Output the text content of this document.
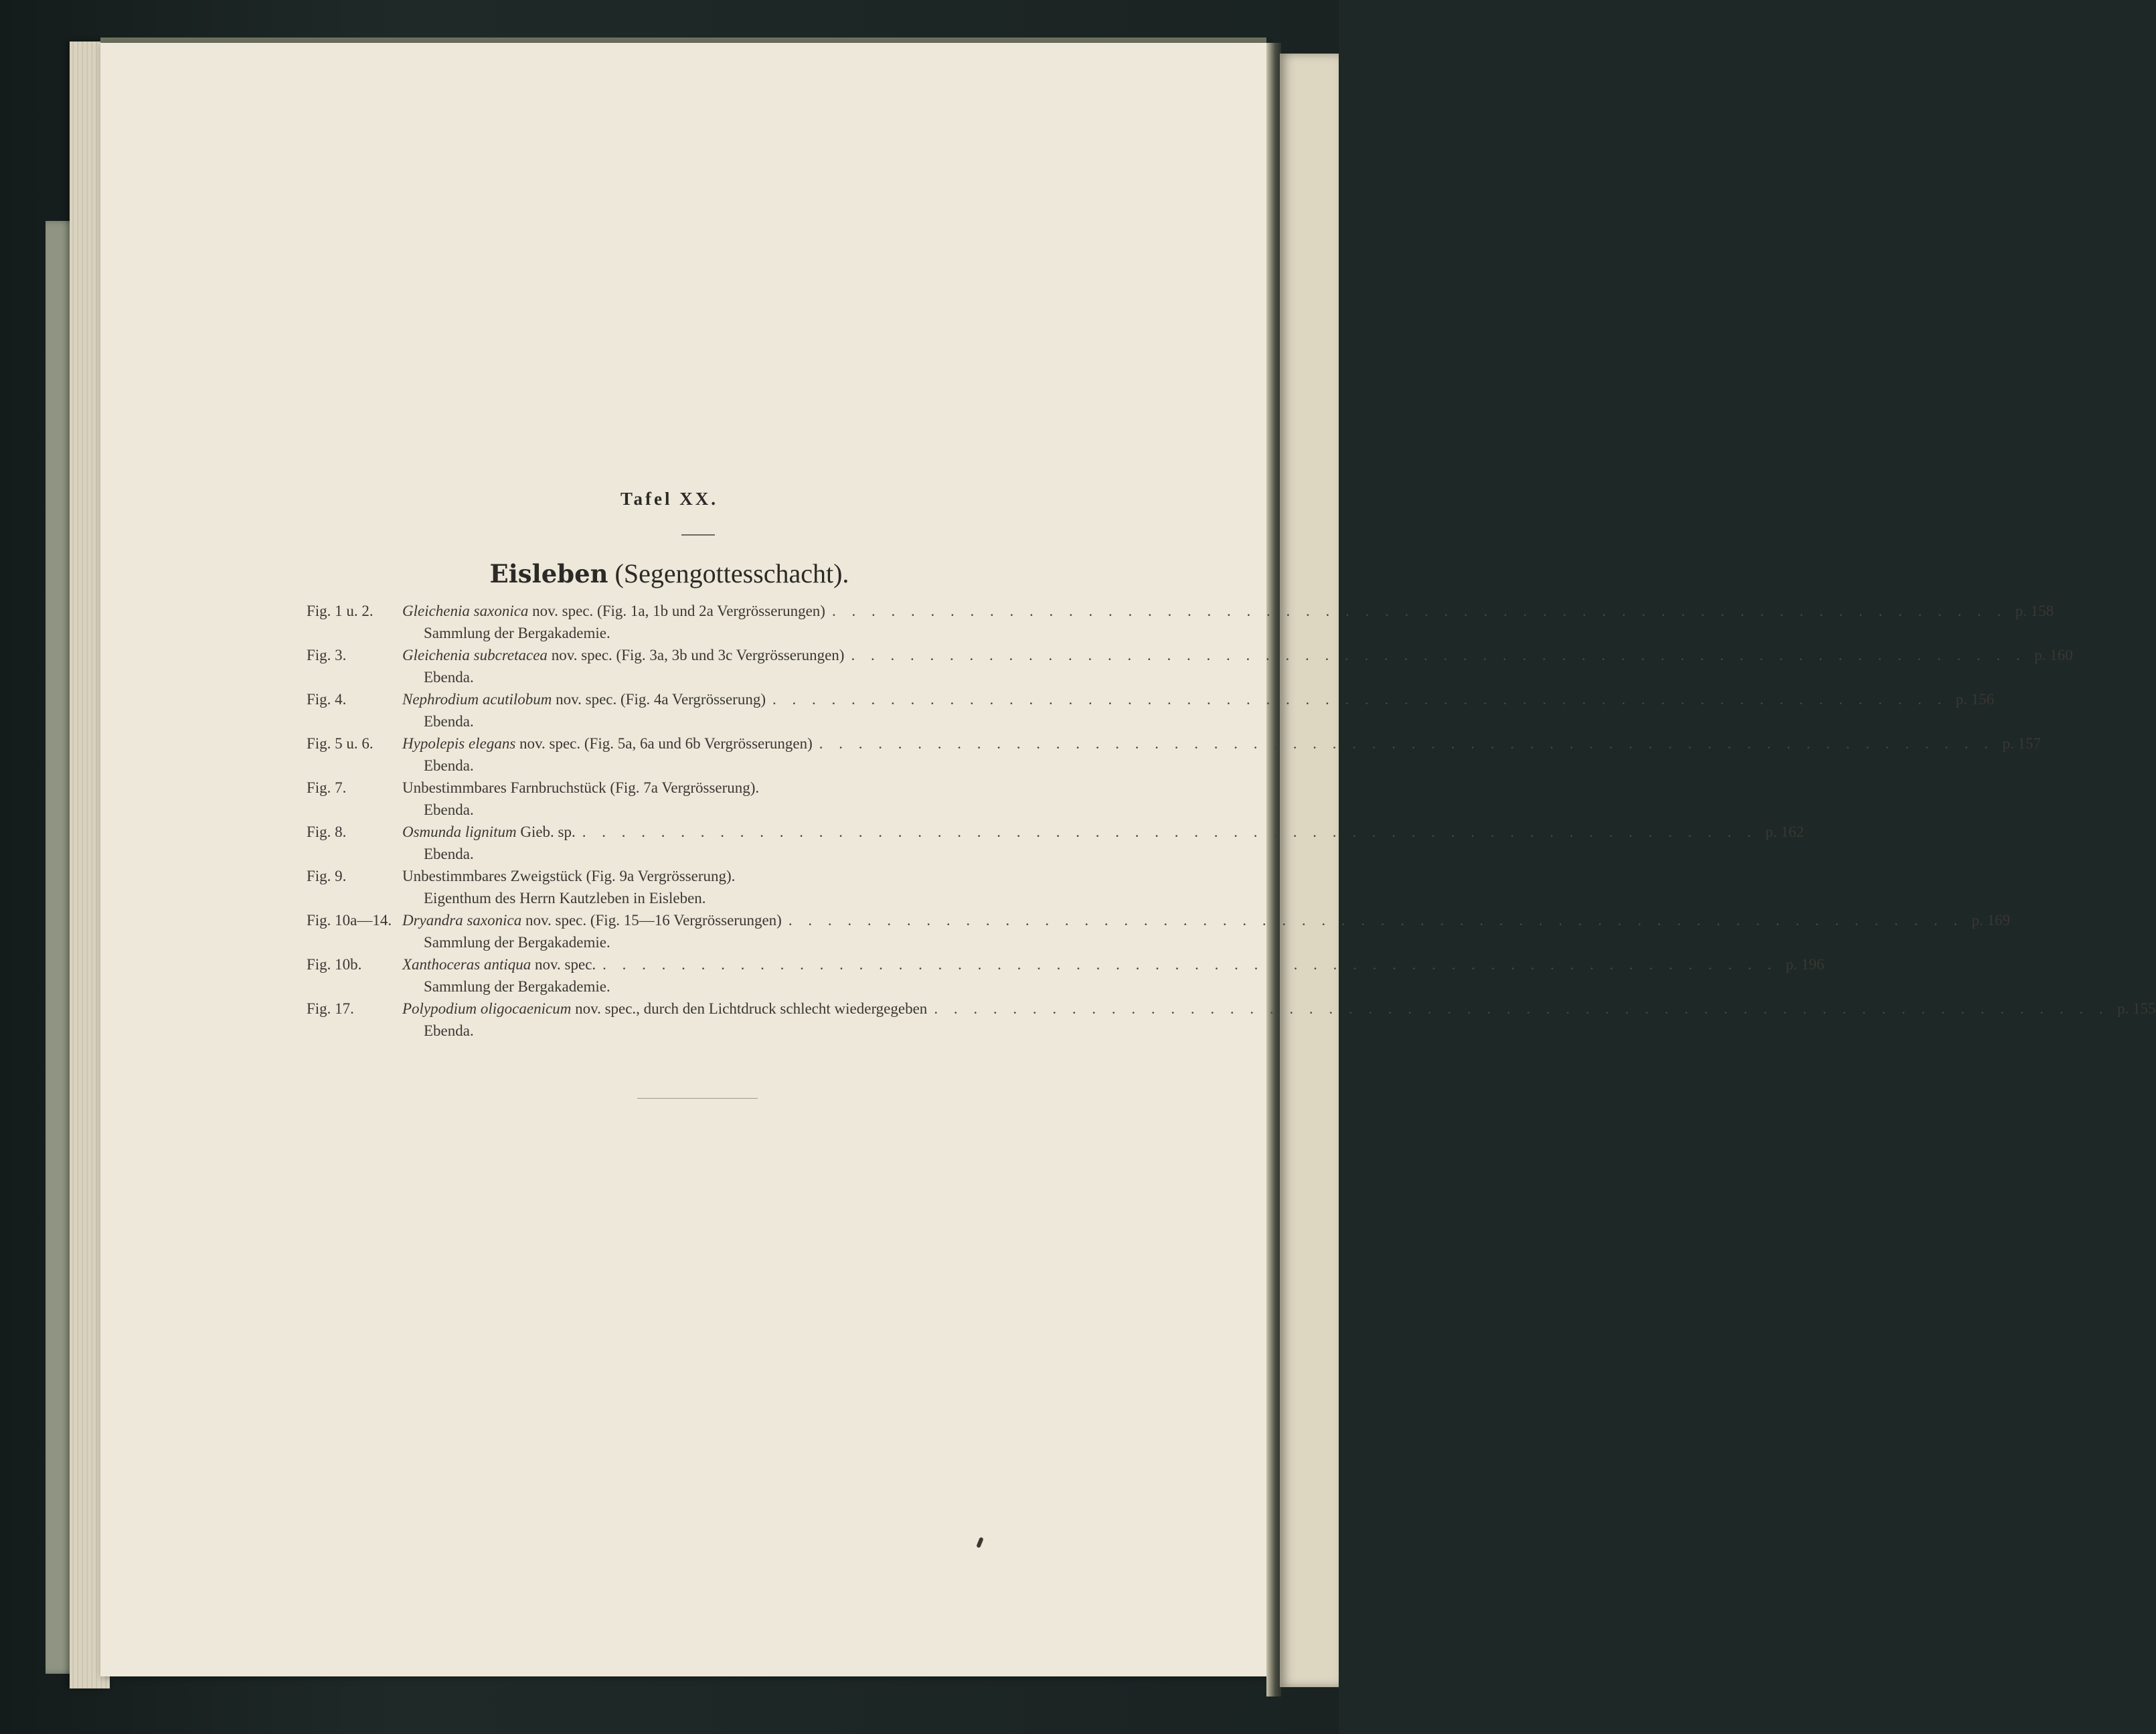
Tafel XX.
Eisleben (Segengottesschacht).
Fig. 1 u. 2.	Gleichenia saxonica nov. spec. (Fig. 1a, 1b und 2a Vergrösserungen) . . . . . . . . . . . . . . . . . . . . . . . . . . . . . . . . . . . . . . . . . . . . . . . . . . . . . . . . . . . . p. 158
Sammlung der Bergakademie.
Fig. 3.	Gleichenia subcretacea nov. spec. (Fig. 3a, 3b und 3c Vergrösserungen) . . . . . . . . . . . . . . . . . . . . . . . . . . . . . . . . . . . . . . . . . . . . . . . . . . . . . . . . . . . . p. 160
Ebenda.
Fig. 4.	Nephrodium acutilobum nov. spec. (Fig. 4a Vergrösserung) . . . . . . . . . . . . . . . . . . . . . . . . . . . . . . . . . . . . . . . . . . . . . . . . . . . . . . . . . . . . p. 156
Ebenda.
Fig. 5 u. 6.	Hypolepis elegans nov. spec. (Fig. 5a, 6a und 6b Vergrösserungen) . . . . . . . . . . . . . . . . . . . . . . . . . . . . . . . . . . . . . . . . . . . . . . . . . . . . . . . . . . . . p. 157
Ebenda.
Fig. 7.	Unbestimmbares Farnbruchstück (Fig. 7a Vergrösserung).
Ebenda.
Fig. 8.	Osmunda lignitum Gieb. sp. . . . . . . . . . . . . . . . . . . . . . . . . . . . . . . . . . . . . . . . . . . . . . . . . . . . . . . . . . . . . p. 162
Ebenda.
Fig. 9.	Unbestimmbares Zweigstück (Fig. 9a Vergrösserung).
Eigenthum des Herrn Kautzleben in Eisleben.
Fig. 10a—14. Dryandra saxonica nov. spec. (Fig. 15—16 Vergrösserungen) . . . . . . . . . . . . . . . . . . . . . . . . . . . . . . . . . . . . . . . . . . . . . . . . . . . . . . . . . . . . p. 169
Sammlung der Bergakademie.
Fig. 10b.	Xanthoceras antiqua nov. spec. . . . . . . . . . . . . . . . . . . . . . . . . . . . . . . . . . . . . . . . . . . . . . . . . . . . . . . . . . . . . p. 196
Sammlung der Bergakademie.
Fig. 17.	Polypodium oligocaenicum nov. spec., durch den Lichtdruck schlecht wiedergegeben . . . . . . . . . . . . . . . . . . . . . . . . . . . . . . . . . . . . . . . . . . . . . . . . . . . . . . . . . . . . p. 155
Ebenda.
